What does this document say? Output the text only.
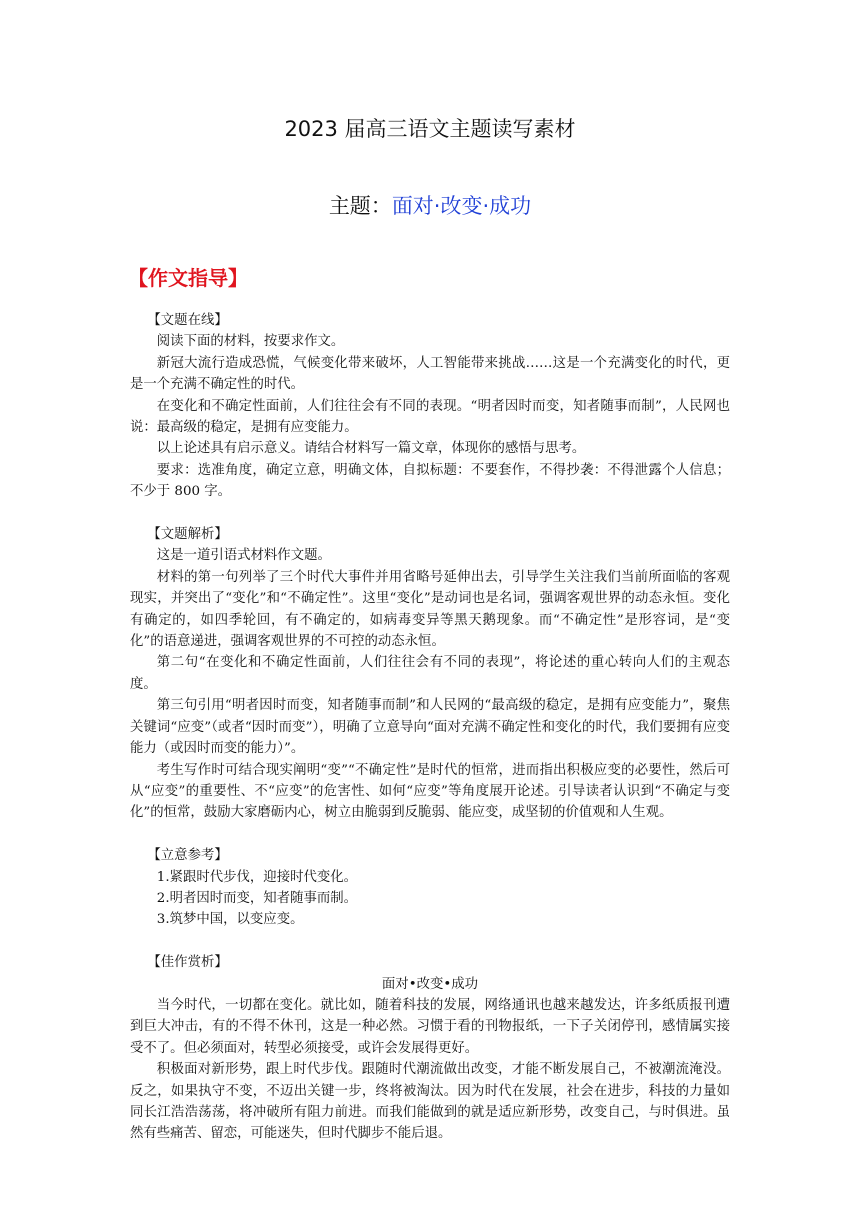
2023 届高三语文主题读写素材
主题：面对·改变·成功
【作文指导】

【文题在线】

阅读下面的材料，按要求作文。

新冠大流行造成恐慌，气候变化带来破坏，人工智能带来挑战……这是一个充满变化的时代，更是一个充满不确定性的时代。

在变化和不确定性面前，人们往往会有不同的表现。“明者因时而变，知者随事而制”，人民网也说：最高级的稳定，是拥有应变能力。

以上论述具有启示意义。请结合材料写一篇文章，体现你的感悟与思考。

要求：选准角度，确定立意，明确文体，自拟标题：不要套作，不得抄袭：不得泄露个人信息；不少于 800 字。

【文题解析】

这是一道引语式材料作文题。

材料的第一句列举了三个时代大事件并用省略号延伸出去，引导学生关注我们当前所面临的客观现实，并突出了“变化”和“不确定性”。这里“变化”是动词也是名词，强调客观世界的动态永恒。变化有确定的，如四季轮回，有不确定的，如病毒变异等黑天鹅现象。而“不确定性”是形容词，是“变化”的语意递进，强调客观世界的不可控的动态永恒。

第二句“在变化和不确定性面前，人们往往会有不同的表现”，将论述的重心转向人们的主观态度。

第三句引用“明者因时而变，知者随事而制”和人民网的“最高级的稳定，是拥有应变能力”，聚焦关键词“应变”（或者“因时而变”），明确了立意导向“面对充满不确定性和变化的时代，我们要拥有应变能力（或因时而变的能力）”。

考生写作时可结合现实阐明“变”“不确定性”是时代的恒常，进而指出积极应变的必要性，然后可从“应变”的重要性、不“应变”的危害性、如何“应变”等角度展开论述。引导读者认识到“不确定与变化”的恒常，鼓励大家磨砺内心，树立由脆弱到反脆弱、能应变，成坚韧的价值观和人生观。

【立意参考】

1.紧跟时代步伐，迎接时代变化。

2.明者因时而变，知者随事而制。

3.筑梦中国，以变应变。

【佳作赏析】

面对•改变•成功

当今时代，一切都在变化。就比如，随着科技的发展，网络通讯也越来越发达，许多纸质报刊遭到巨大冲击，有的不得不休刊，这是一种必然。习惯于看的刊物报纸，一下子关闭停刊，感情属实接受不了。但必须面对，转型必须接受，或许会发展得更好。

积极面对新形势，跟上时代步伐。跟随时代潮流做出改变，才能不断发展自己，不被潮流淹没。反之，如果执守不变，不迈出关键一步，终将被淘汰。因为时代在发展，社会在进步，科技的力量如同长江浩浩荡荡，将冲破所有阻力前进。而我们能做到的就是适应新形势，改变自己，与时俱进。虽然有些痛苦、留恋，可能迷失，但时代脚步不能后退。
